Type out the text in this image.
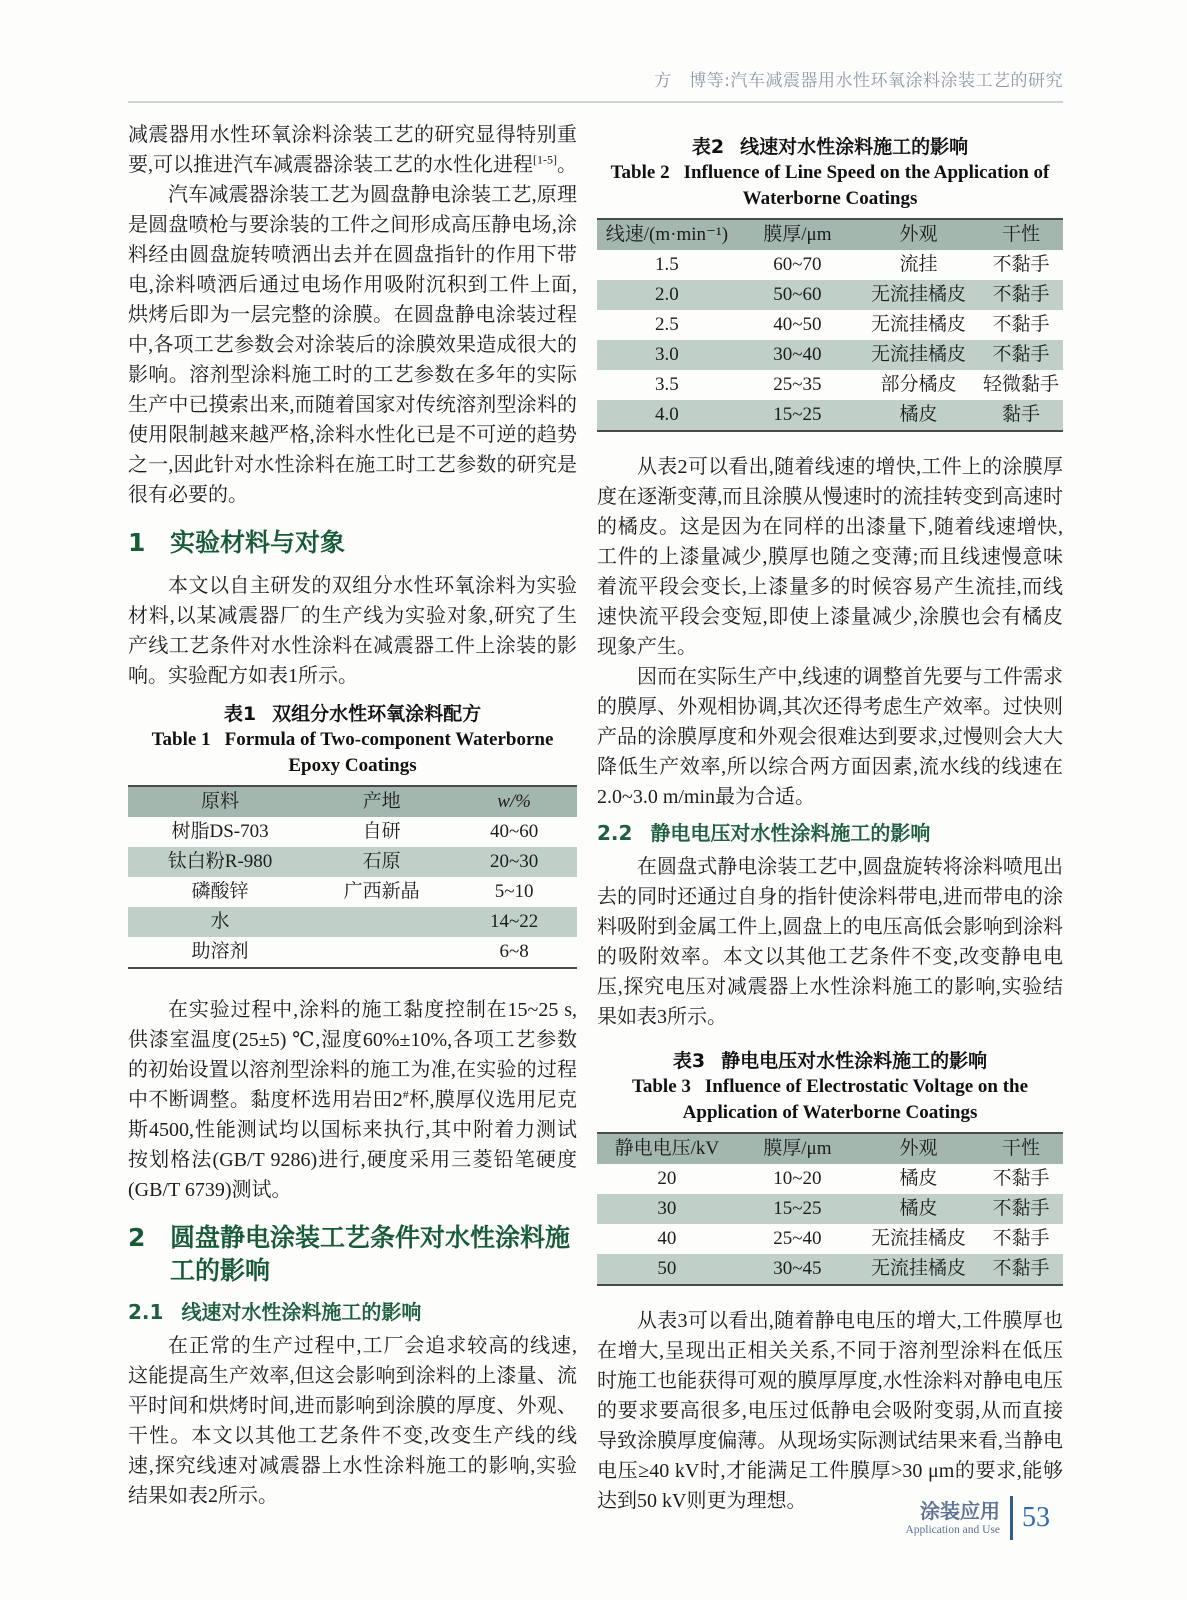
方　博等:汽车减震器用水性环氧涂料涂装工艺的研究

减震器用水性环氧涂料涂装工艺的研究显得特别重要,可以推进汽车减震器涂装工艺的水性化进程[1-5]。

汽车减震器涂装工艺为圆盘静电涂装工艺,原理是圆盘喷枪与要涂装的工件之间形成高压静电场,涂料经由圆盘旋转喷洒出去并在圆盘指针的作用下带电,涂料喷洒后通过电场作用吸附沉积到工件上面,烘烤后即为一层完整的涂膜。在圆盘静电涂装过程中,各项工艺参数会对涂装后的涂膜效果造成很大的影响。溶剂型涂料施工时的工艺参数在多年的实际生产中已摸索出来,而随着国家对传统溶剂型涂料的使用限制越来越严格,涂料水性化已是不可逆的趋势之一,因此针对水性涂料在施工时工艺参数的研究是很有必要的。

1 实验材料与对象

本文以自主研发的双组分水性环氧涂料为实验材料,以某减震器厂的生产线为实验对象,研究了生产线工艺条件对水性涂料在减震器工件上涂装的影响。实验配方如表1所示。

表1 双组分水性环氧涂料配方
Table 1 Formula of Two-component Waterborne Epoxy Coatings
原料	产地	w/%
树脂DS-703	自研	40~60
钛白粉R-980	石原	20~30
磷酸锌	广西新晶	5~10
水		14~22
助溶剂		6~8

在实验过程中,涂料的施工黏度控制在15~25 s,供漆室温度(25±5) ℃,湿度60%±10%,各项工艺参数的初始设置以溶剂型涂料的施工为准,在实验的过程中不断调整。黏度杯选用岩田2#杯,膜厚仪选用尼克斯4500,性能测试均以国标来执行,其中附着力测试按划格法(GB/T 9286)进行,硬度采用三菱铅笔硬度(GB/T 6739)测试。

2 圆盘静电涂装工艺条件对水性涂料施工的影响
2.1 线速对水性涂料施工的影响

在正常的生产过程中,工厂会追求较高的线速,这能提高生产效率,但这会影响到涂料的上漆量、流平时间和烘烤时间,进而影响到涂膜的厚度、外观、干性。本文以其他工艺条件不变,改变生产线的线速,探究线速对减震器上水性涂料施工的影响,实验结果如表2所示。

表2 线速对水性涂料施工的影响
Table 2 Influence of Line Speed on the Application of Waterborne Coatings
线速/(m·min⁻¹)	膜厚/μm	外观	干性
1.5	60~70	流挂	不黏手
2.0	50~60	无流挂橘皮	不黏手
2.5	40~50	无流挂橘皮	不黏手
3.0	30~40	无流挂橘皮	不黏手
3.5	25~35	部分橘皮	轻微黏手
4.0	15~25	橘皮	黏手

从表2可以看出,随着线速的增快,工件上的涂膜厚度在逐渐变薄,而且涂膜从慢速时的流挂转变到高速时的橘皮。这是因为在同样的出漆量下,随着线速增快,工件的上漆量减少,膜厚也随之变薄;而且线速慢意味着流平段会变长,上漆量多的时候容易产生流挂,而线速快流平段会变短,即使上漆量减少,涂膜也会有橘皮现象产生。

因而在实际生产中,线速的调整首先要与工件需求的膜厚、外观相协调,其次还得考虑生产效率。过快则产品的涂膜厚度和外观会很难达到要求,过慢则会大大降低生产效率,所以综合两方面因素,流水线的线速在2.0~3.0 m/min最为合适。

2.2 静电电压对水性涂料施工的影响

在圆盘式静电涂装工艺中,圆盘旋转将涂料喷甩出去的同时还通过自身的指针使涂料带电,进而带电的涂料吸附到金属工件上,圆盘上的电压高低会影响到涂料的吸附效率。本文以其他工艺条件不变,改变静电电压,探究电压对减震器上水性涂料施工的影响,实验结果如表3所示。

表3 静电电压对水性涂料施工的影响
Table 3 Influence of Electrostatic Voltage on the Application of Waterborne Coatings
静电电压/kV	膜厚/μm	外观	干性
20	10~20	橘皮	不黏手
30	15~25	橘皮	不黏手
40	25~40	无流挂橘皮	不黏手
50	30~45	无流挂橘皮	不黏手

从表3可以看出,随着静电电压的增大,工件膜厚也在增大,呈现出正相关关系,不同于溶剂型涂料在低压时施工也能获得可观的膜厚厚度,水性涂料对静电电压的要求要高很多,电压过低静电会吸附变弱,从而直接导致涂膜厚度偏薄。从现场实际测试结果来看,当静电电压≥40 kV时,才能满足工件膜厚>30 μm的要求,能够达到50 kV则更为理想。	涂装应用
Application and Use 53
